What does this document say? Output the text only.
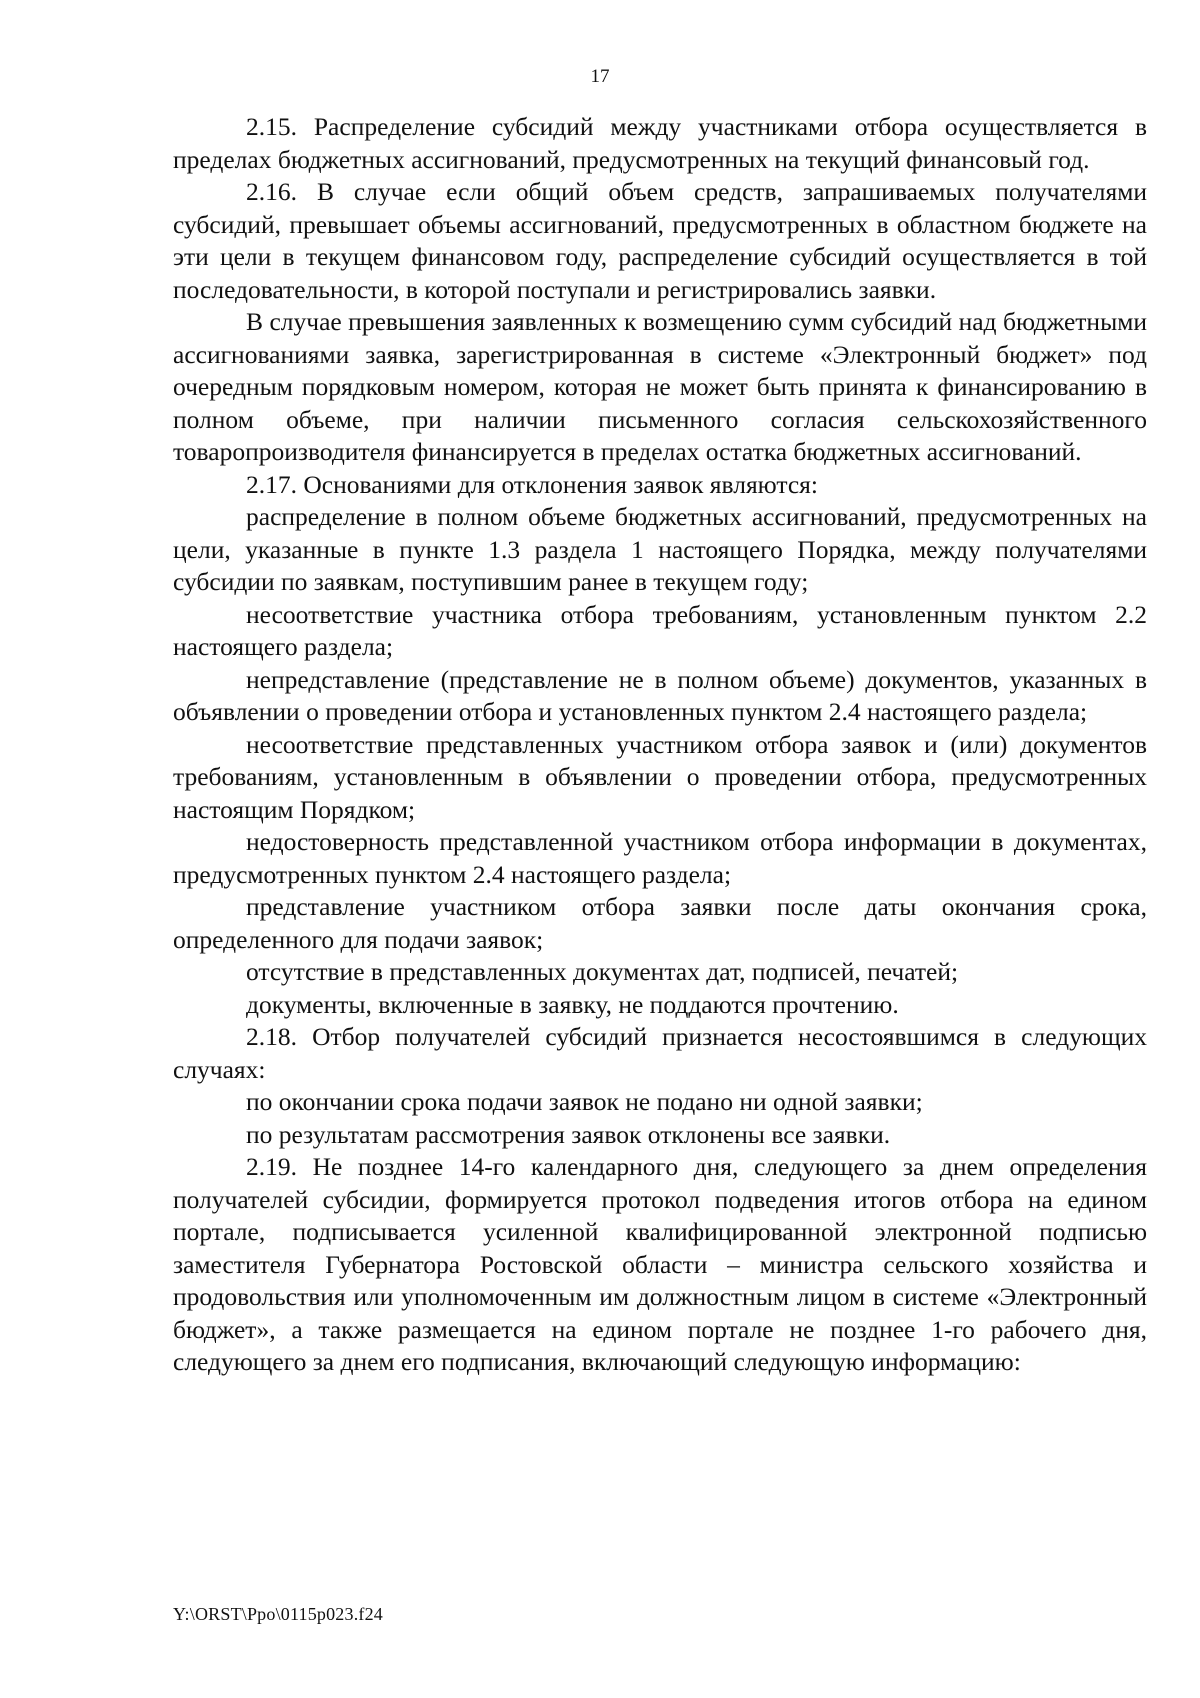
17

2.15. Распределение субсидий между участниками отбора осуществляется в пределах бюджетных ассигнований, предусмотренных на текущий финансовый год.

2.16. В случае если общий объем средств, запрашиваемых получателями субсидий, превышает объемы ассигнований, предусмотренных в областном бюджете на эти цели в текущем финансовом году, распределение субсидий осуществляется в той последовательности, в которой поступали и регистрировались заявки.

В случае превышения заявленных к возмещению сумм субсидий над бюджетными ассигнованиями заявка, зарегистрированная в системе «Электронный бюджет» под очередным порядковым номером, которая не может быть принята к финансированию в полном объеме, при наличии письменного согласия сельскохозяйственного товаропроизводителя финансируется в пределах остатка бюджетных ассигнований.

2.17. Основаниями для отклонения заявок являются:

распределение в полном объеме бюджетных ассигнований, предусмотренных на цели, указанные в пункте 1.3 раздела 1 настоящего Порядка, между получателями субсидии по заявкам, поступившим ранее в текущем году;

несоответствие участника отбора требованиям, установленным пунктом 2.2 настоящего раздела;

непредставление (представление не в полном объеме) документов, указанных в объявлении о проведении отбора и установленных пунктом 2.4 настоящего раздела;

несоответствие представленных участником отбора заявок и (или) документов требованиям, установленным в объявлении о проведении отбора, предусмотренных настоящим Порядком;

недостоверность представленной участником отбора информации в документах, предусмотренных пунктом 2.4 настоящего раздела;

представление участником отбора заявки после даты окончания срока, определенного для подачи заявок;

отсутствие в представленных документах дат, подписей, печатей;

документы, включенные в заявку, не поддаются прочтению.

2.18. Отбор получателей субсидий признается несостоявшимся в следующих случаях:

по окончании срока подачи заявок не подано ни одной заявки;

по результатам рассмотрения заявок отклонены все заявки.

2.19. Не позднее 14-го календарного дня, следующего за днем определения получателей субсидии, формируется протокол подведения итогов отбора на едином портале, подписывается усиленной квалифицированной электронной подписью заместителя Губернатора Ростовской области – министра сельского хозяйства и продовольствия или уполномоченным им должностным лицом в системе «Электронный бюджет», а также размещается на едином портале не позднее 1-го рабочего дня, следующего за днем его подписания, включающий следующую информацию:

Y:\ORST\Ppo\0115p023.f24
